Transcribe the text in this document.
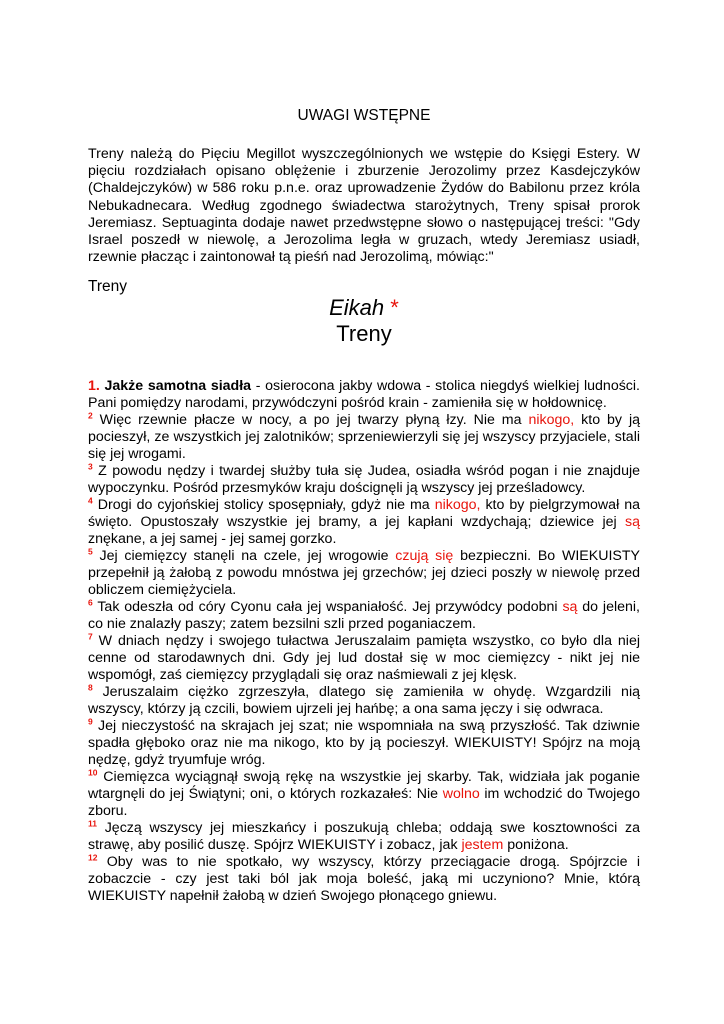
UWAGI WSTĘPNE
Treny należą do Pięciu Megillot wyszczególnionych we wstępie do Księgi Estery. W pięciu rozdziałach opisano oblężenie i zburzenie Jerozolimy przez Kasdejczyków (Chaldejczyków) w 586 roku p.n.e. oraz uprowadzenie Żydów do Babilonu przez króla Nebukadnecara. Według zgodnego świadectwa starożytnych, Treny spisał prorok Jeremiasz. Septuaginta dodaje nawet przedwstępne słowo o następującej treści: "Gdy Israel poszedł w niewolę, a Jerozolima legła w gruzach, wtedy Jeremiasz usiadł, rzewnie płacząc i zaintonował tą pieśń nad Jerozolimą, mówiąc:"
Treny
Eikah *
Treny

1. Jakże samotna siadła - osierocona jakby wdowa - stolica niegdyś wielkiej ludności. Pani pomiędzy narodami, przywódczyni pośród krain - zamieniła się w hołdownicę.

$^2$ Więc rzewnie płacze w nocy, a po jej twarzy płyną łzy. Nie ma nikogo, kto by ją pocieszył, ze wszystkich jej zalotników; sprzeniewierzyli się jej wszyscy przyjaciele, stali się jej wrogami.

$^3$ Z powodu nędzy i twardej służby tuła się Judea, osiadła wśród pogan i nie znajduje wypoczynku. Pośród przesmyków kraju doścignęli ją wszyscy jej prześladowcy.

$^4$ Drogi do cyjońskiej stolicy sposępniały, gdyż nie ma nikogo, kto by pielgrzymował na święto. Opustoszały wszystkie jej bramy, a jej kapłani wzdychają; dziewice jej są znękane, a jej samej - jej samej gorzko.

$^5$ Jej ciemięzcy stanęli na czele, jej wrogowie czują się bezpieczni. Bo WIEKUISTY przepełnił ją żałobą z powodu mnóstwa jej grzechów; jej dzieci poszły w niewolę przed obliczem ciemiężyciela.

$^6$ Tak odeszła od córy Cyonu cała jej wspaniałość. Jej przywódcy podobni są do jeleni, co nie znalazły paszy; zatem bezsilni szli przed poganiaczem.

$^7$ W dniach nędzy i swojego tułactwa Jeruszalaim pamięta wszystko, co było dla niej cenne od starodawnych dni. Gdy jej lud dostał się w moc ciemięzcy - nikt jej nie wspomógł, zaś ciemięzcy przyglądali się oraz naśmiewali z jej klęsk.

$^8$ Jeruszalaim ciężko zgrzeszyła, dlatego się zamieniła w ohydę. Wzgardzili nią wszyscy, którzy ją czcili, bowiem ujrzeli jej hańbę; a ona sama jęczy i się odwraca.

$^9$ Jej nieczystość na skrajach jej szat; nie wspomniała na swą przyszłość. Tak dziwnie spadła głęboko oraz nie ma nikogo, kto by ją pocieszył. WIEKUISTY! Spójrz na moją nędzę, gdyż tryumfuje wróg.

$^{10}$ Ciemięzca wyciągnął swoją rękę na wszystkie jej skarby. Tak, widziała jak poganie wtargnęli do jej Świątyni; oni, o których rozkazałeś: Nie wolno im wchodzić do Twojego zboru.

$^{11}$ Jęczą wszyscy jej mieszkańcy i poszukują chleba; oddają swe kosztowności za strawę, aby posilić duszę. Spójrz WIEKUISTY i zobacz, jak jestem poniżona.

$^{12}$ Oby was to nie spotkało, wy wszyscy, którzy przeciągacie drogą. Spójrzcie i zobaczcie - czy jest taki ból jak moja boleść, jaką mi uczyniono? Mnie, którą WIEKUISTY napełnił żałobą w dzień Swojego płonącego gniewu.
